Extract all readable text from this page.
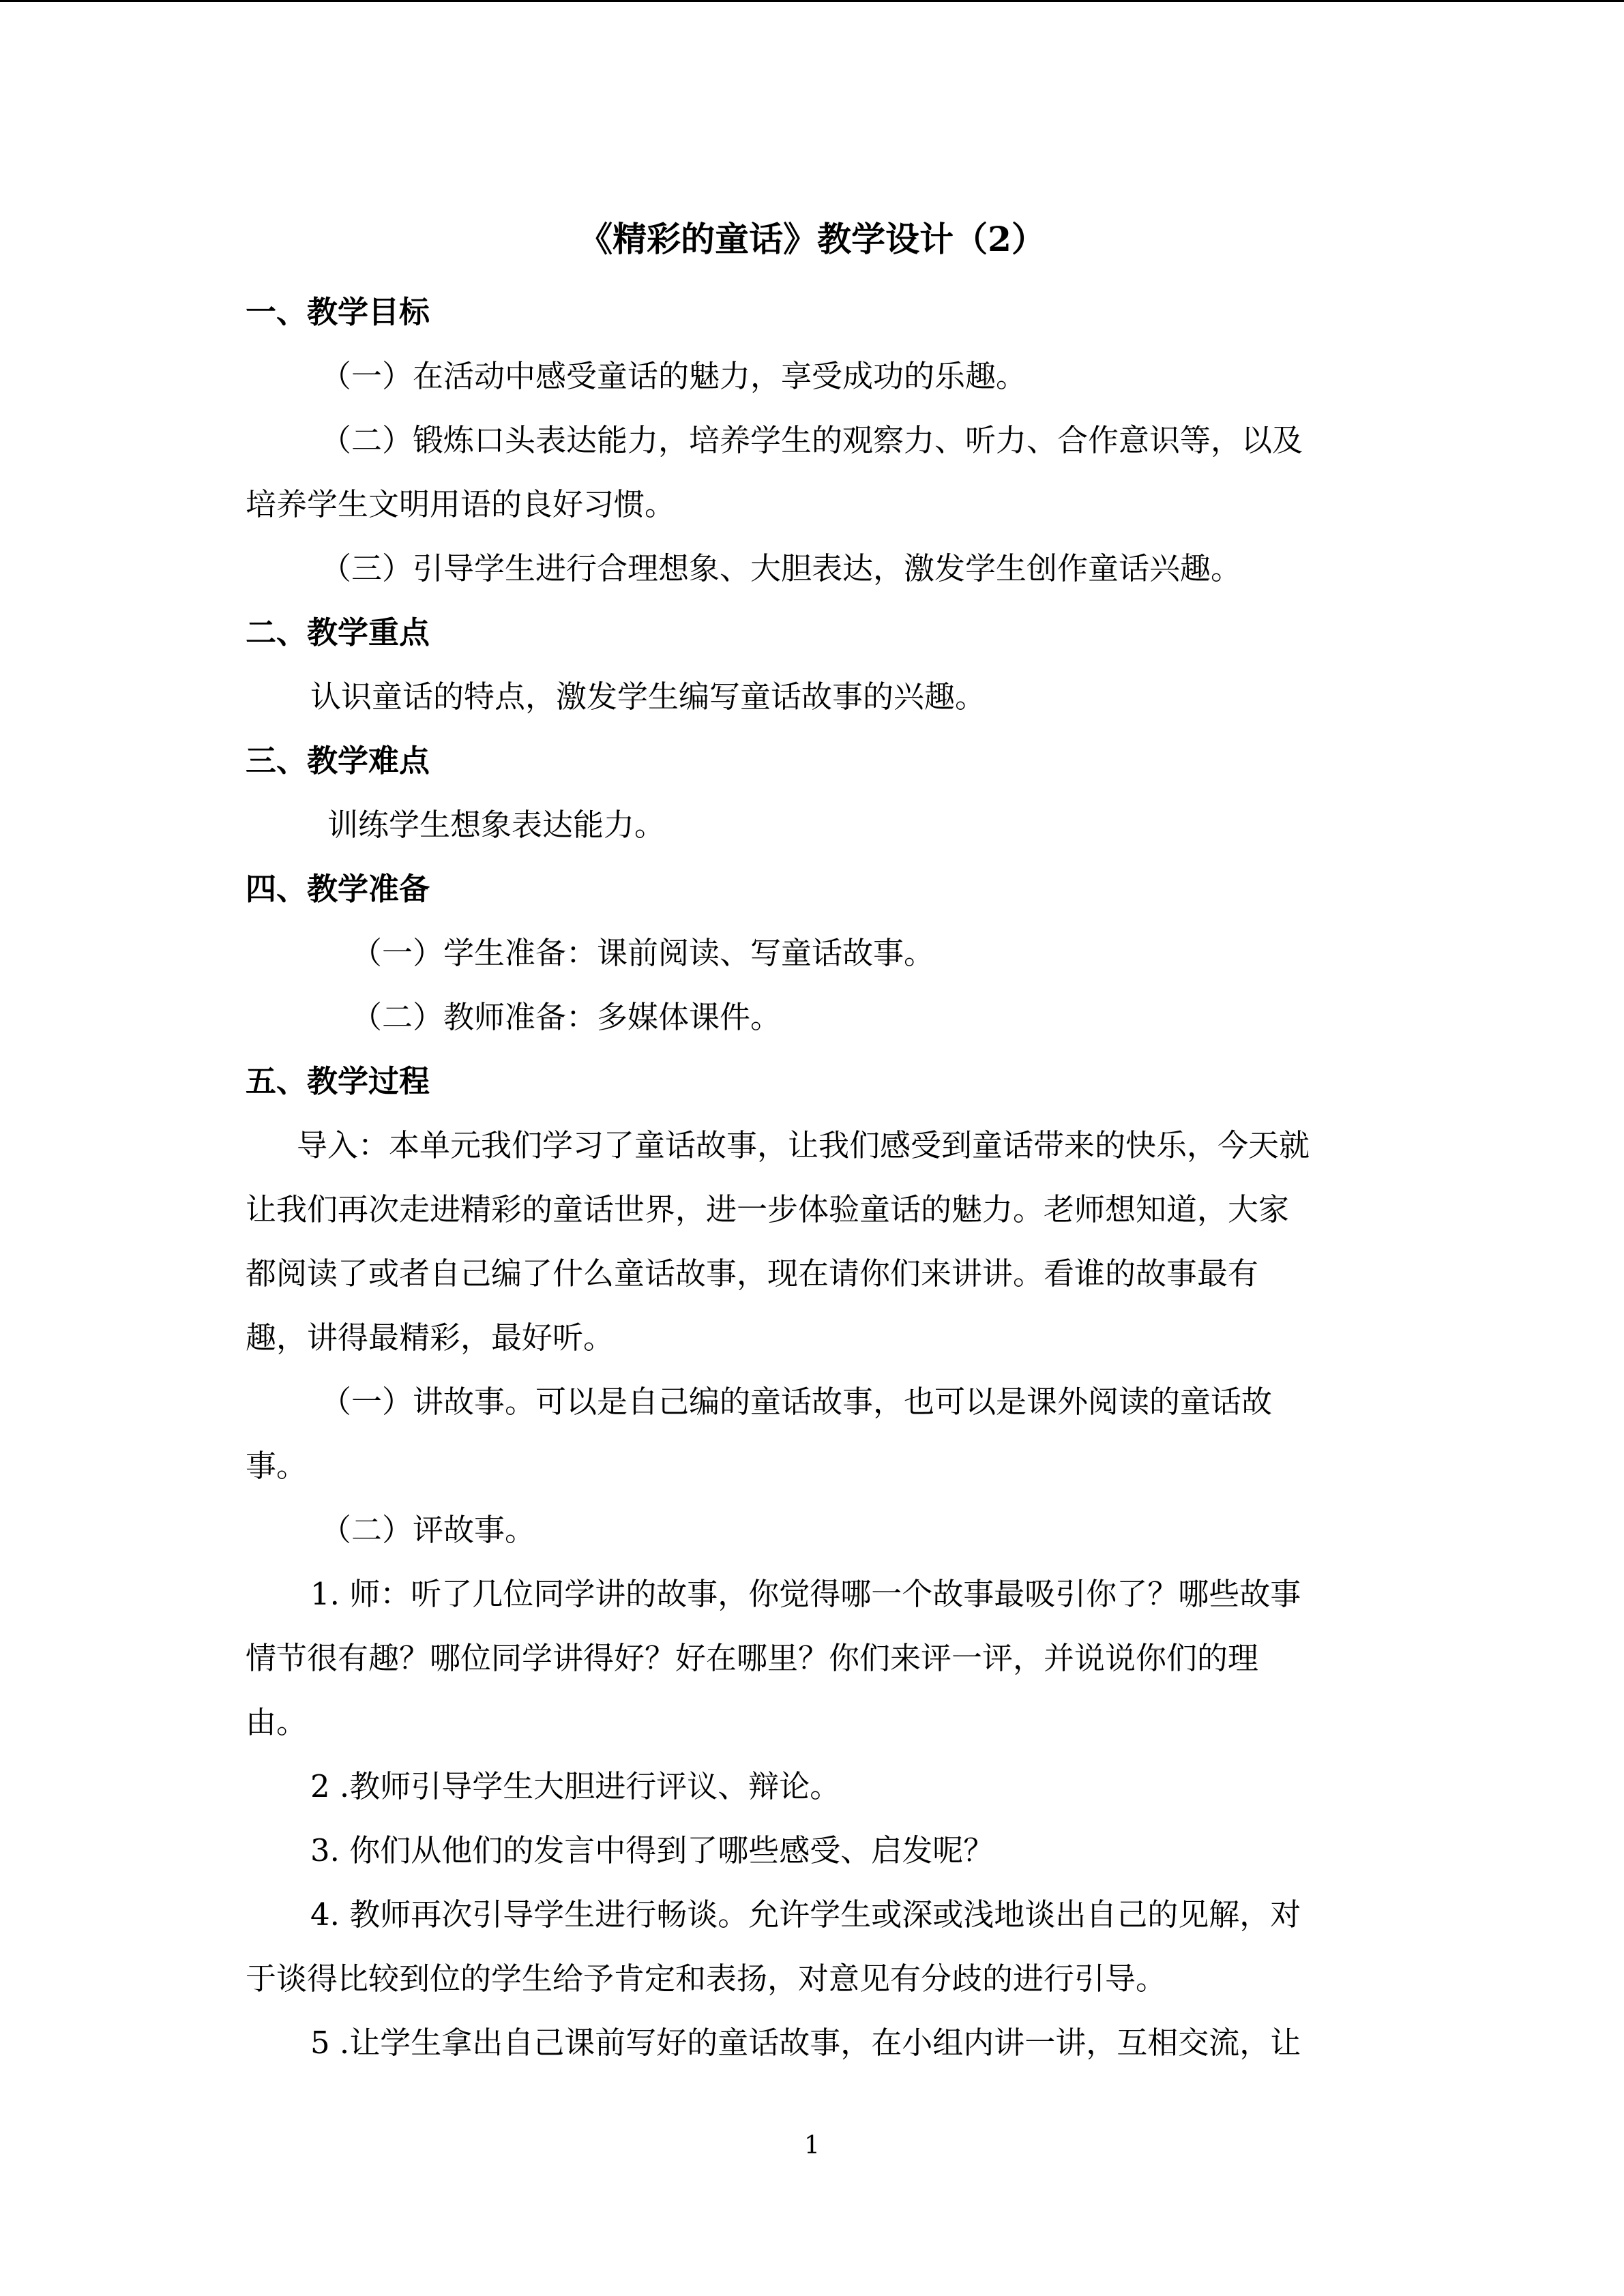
《精彩的童话》教学设计（2）
一、教学目标
（一）在活动中感受童话的魅力，享受成功的乐趣。
（二）锻炼口头表达能力，培养学生的观察力、听力、合作意识等，以及
培养学生文明用语的良好习惯。
（三）引导学生进行合理想象、大胆表达，激发学生创作童话兴趣。
二、教学重点
认识童话的特点，激发学生编写童话故事的兴趣。
三、教学难点
训练学生想象表达能力。
四、教学准备
（一）学生准备：课前阅读、写童话故事。
（二）教师准备：多媒体课件。
五、教学过程
导入：本单元我们学习了童话故事，让我们感受到童话带来的快乐，今天就
让我们再次走进精彩的童话世界，进一步体验童话的魅力。老师想知道，大家
都阅读了或者自己编了什么童话故事，现在请你们来讲讲。看谁的故事最有
趣，讲得最精彩，最好听。
（一）讲故事。可以是自己编的童话故事，也可以是课外阅读的童话故
事。
（二）评故事。
1. 师：听了几位同学讲的故事，你觉得哪一个故事最吸引你了？哪些故事
情节很有趣？哪位同学讲得好？好在哪里？你们来评一评，并说说你们的理
由。
2 .教师引导学生大胆进行评议、辩论。
3. 你们从他们的发言中得到了哪些感受、启发呢？
4. 教师再次引导学生进行畅谈。允许学生或深或浅地谈出自己的见解，对
于谈得比较到位的学生给予肯定和表扬，对意见有分歧的进行引导。
5 .让学生拿出自己课前写好的童话故事，在小组内讲一讲，互相交流，让
1
